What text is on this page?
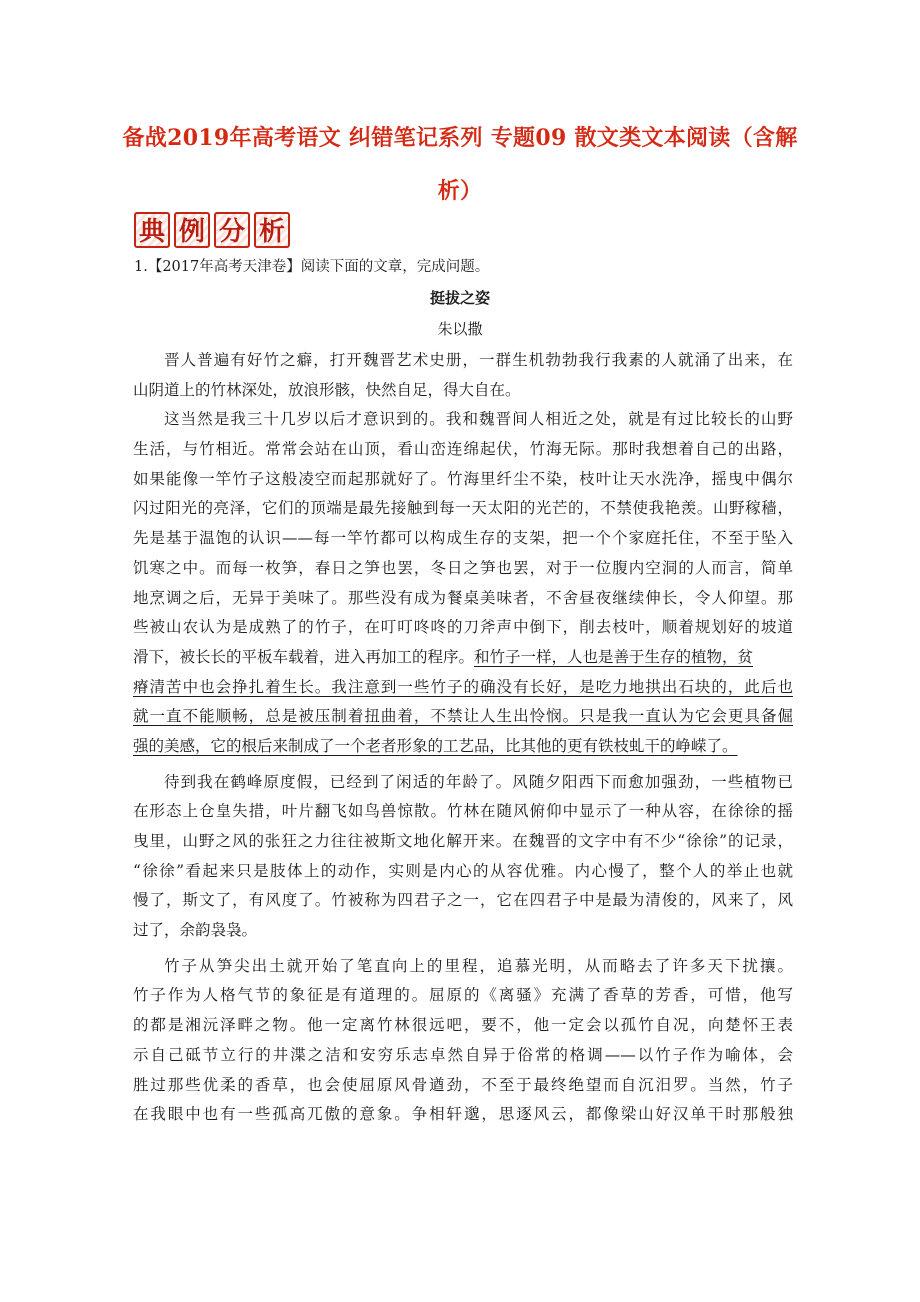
备战2019年高考语文 纠错笔记系列 专题09 散文类文本阅读（含解
析）
典 例 分 析
1.【2017年高考天津卷】阅读下面的文章，完成问题。
挺拔之姿
朱以撒
晋人普遍有好竹之癖，打开魏晋艺术史册，一群生机勃勃我行我素的人就涌了出来，在
山阴道上的竹林深处，放浪形骸，快然自足，得大自在。
这当然是我三十几岁以后才意识到的。我和魏晋间人相近之处，就是有过比较长的山野
生活，与竹相近。常常会站在山顶，看山峦连绵起伏，竹海无际。那时我想着自己的出路，
如果能像一竿竹子这般凌空而起那就好了。竹海里纤尘不染，枝叶让天水洗净，摇曳中偶尔
闪过阳光的亮泽，它们的顶端是最先接触到每一天太阳的光芒的，不禁使我艳羡。山野稼穑，
先是基于温饱的认识——每一竿竹都可以构成生存的支架，把一个个家庭托住，不至于坠入
饥寒之中。而每一枚笋，春日之笋也罢，冬日之笋也罢，对于一位腹内空洞的人而言，简单
地烹调之后，无异于美味了。那些没有成为餐桌美味者，不舍昼夜继续伸长，令人仰望。那
些被山农认为是成熟了的竹子，在叮叮咚咚的刀斧声中倒下，削去枝叶，顺着规划好的坡道
滑下，被长长的平板车载着，进入再加工的程序。和竹子一样，人也是善于生存的植物，贫
瘠清苦中也会挣扎着生长。我注意到一些竹子的确没有长好，是吃力地拱出石块的，此后也
就一直不能顺畅，总是被压制着扭曲着，不禁让人生出怜悯。只是我一直认为它会更具备倔
强的美感，它的根后来制成了一个老者形象的工艺品，比其他的更有铁枝虬干的峥嵘了。
待到我在鹤峰原度假，已经到了闲适的年龄了。风随夕阳西下而愈加强劲，一些植物已
在形态上仓皇失措，叶片翻飞如鸟兽惊散。竹林在随风俯仰中显示了一种从容，在徐徐的摇
曳里，山野之风的张狂之力往往被斯文地化解开来。在魏晋的文字中有不少“徐徐”的记录，
“徐徐”看起来只是肢体上的动作，实则是内心的从容优雅。内心慢了，整个人的举止也就
慢了，斯文了，有风度了。竹被称为四君子之一，它在四君子中是最为清俊的，风来了，风
过了，余韵袅袅。
竹子从笋尖出土就开始了笔直向上的里程，追慕光明，从而略去了许多天下扰攘。
竹子作为人格气节的象征是有道理的。屈原的《离骚》充满了香草的芳香，可惜，他写
的都是湘沅泽畔之物。他一定离竹林很远吧，要不，他一定会以孤竹自况，向楚怀王表
示自己砥节立行的井渫之洁和安穷乐志卓然自异于俗常的格调——以竹子作为喻体，会
胜过那些优柔的香草，也会使屈原风骨遒劲，不至于最终绝望而自沉汨罗。当然，竹子
在我眼中也有一些孤高兀傲的意象。争相轩邈，思逐风云，都像梁山好汉单干时那般独
